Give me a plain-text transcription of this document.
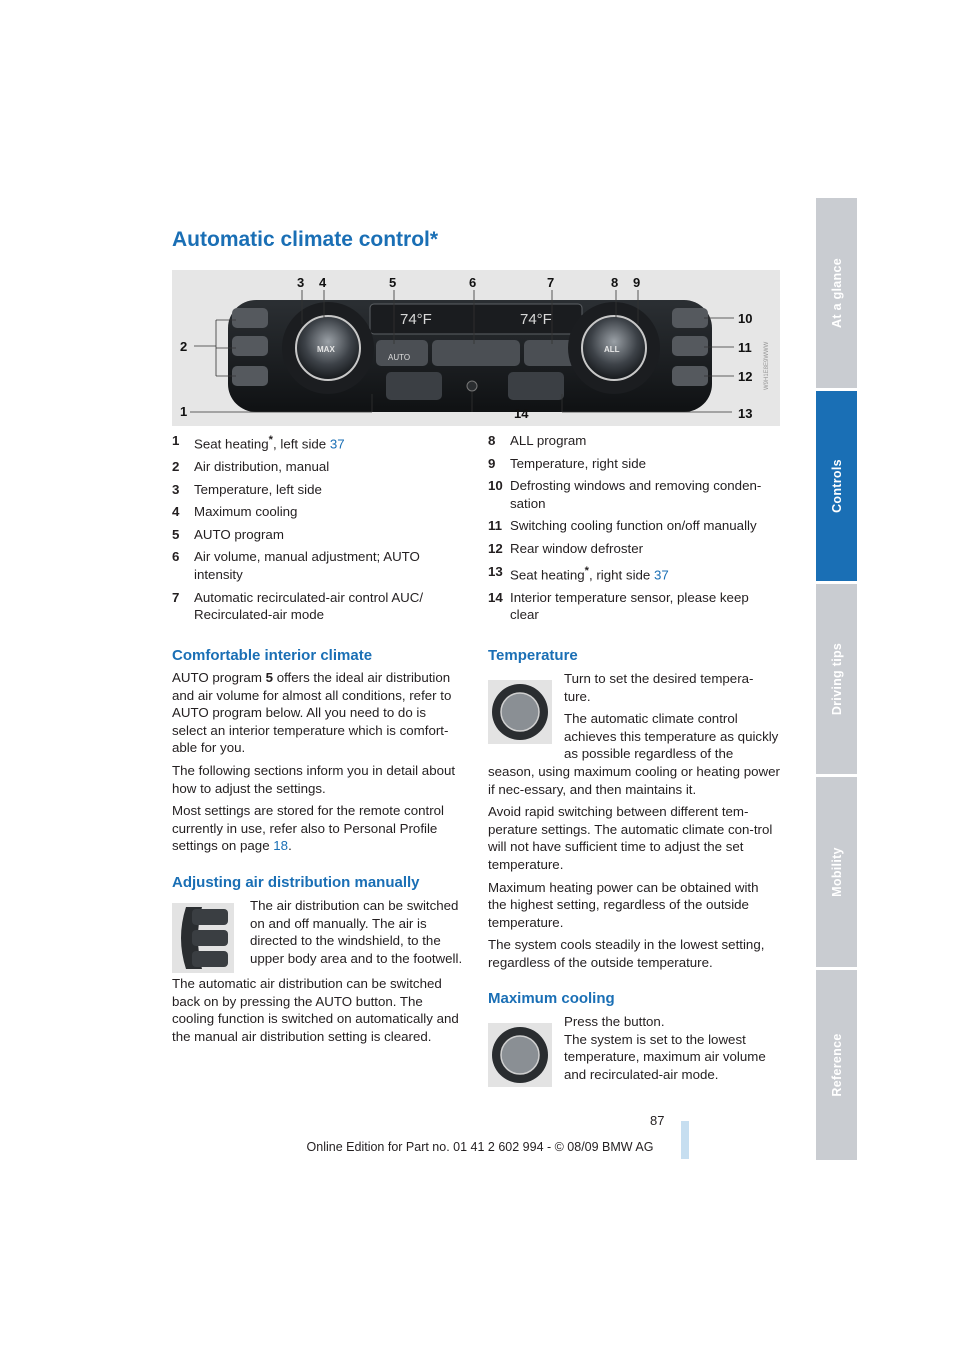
Automatic climate control*
74°F	74°F
AUTO
MAX	ALL
1
2
3 4	5	6	7	8 9
10
11
12
13
14
W9H1E8E9WWW
1	Seat heating*, left side 37
2	Air distribution, manual
3	Temperature, left side
4	Maximum cooling
5	AUTO program
6	Air volume, manual adjustment; AUTO intensity
7	Automatic recirculated-air control AUC/ Recirculated-air mode
8	ALL program
9	Temperature, right side
10 Defrosting windows and removing conden-sation
11 Switching cooling function on/off manually
12 Rear window defroster
13 Seat heating*, right side 37
14 Interior temperature sensor, please keep clear
Comfortable interior climate

AUTO program 5 offers the ideal air distribution and air volume for almost all conditions, refer to AUTO program below. All you need to do is select an interior temperature which is comfort-able for you.

The following sections inform you in detail about how to adjust the settings.

Most settings are stored for the remote control currently in use, refer also to Personal Profile settings on page 18.

Adjusting air distribution manually

The air distribution can be switched on and off manually. The air is directed to the windshield, to the upper body area and to the footwell.

The automatic air distribution can be switched back on by pressing the AUTO button. The cooling function is switched on automatically and the manual air distribution setting is cleared.

Temperature

Turn to set the desired tempera-ture.

The automatic climate control achieves this temperature as quickly as possible regardless of the season, using maximum cooling or heating power if nec-essary, and then maintains it.

Avoid rapid switching between different tem-perature settings. The automatic climate con-trol will not have sufficient time to adjust the set temperature.

Maximum heating power can be obtained with the highest setting, regardless of the outside temperature.

The system cools steadily in the lowest setting, regardless of the outside temperature.

Maximum cooling

Press the button.

The system is set to the lowest temperature, maximum air volume and recirculated-air mode.

At a glance
Controls
Driving tips
Mobility
Reference
87
Online Edition for Part no. 01 41 2 602 994 - © 08/09 BMW AG
